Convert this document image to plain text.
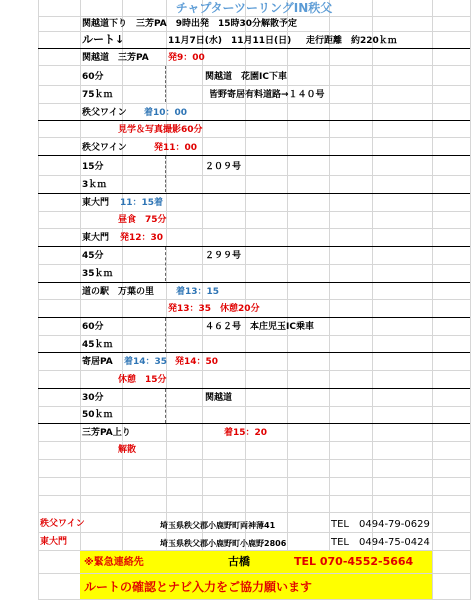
チャプターツーリングIN秩父
関越道下り　三芳PA　9時出発　15時30分解散予定
ルート↓	11月7日(水)　11月11日(日) 走行距離　約220ｋｍ
関越道　三芳PA 発9：00
60分	関越道　花園IC下車
75ｋｍ	皆野寄居有料道路→１４０号
秩父ワイン 着10：00
見学＆写真撮影60分
秩父ワイン	発11：00
15分	２０９号
3ｋｍ
東大門 11：15着
昼食　75分
東大門 発12：30
45分	２９９号
35ｋｍ
道の駅　万葉の里 着13：15
発13：35　休憩20分
60分	４６２号　本庄児玉IC乗車
45ｋｍ
寄居PA 着14：35 発14：50
休憩　15分
30分	関越道
50ｋｍ
三芳PA上り	着15：20
解散
秩父ワイン	埼玉県秩父郡小鹿野町両神薄41	TEL　0494-79-0629
東大門	埼玉県秩父郡小鹿野町小鹿野2806	TEL　0494-75-0424
※緊急連絡先	古橋	TEL 070-4552-5664
ルートの確認とナビ入力をご協力願います
